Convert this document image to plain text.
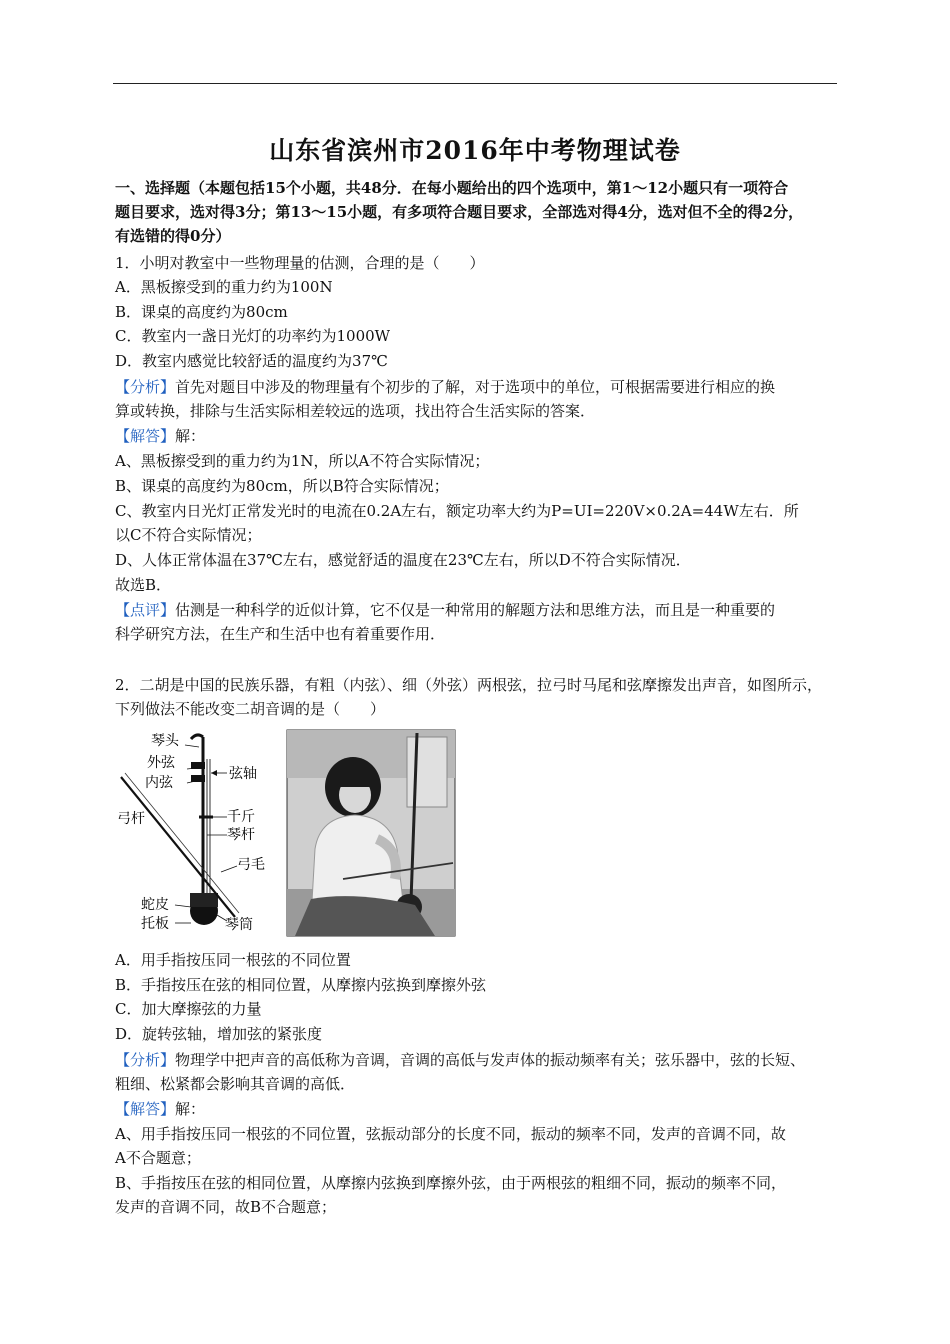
山东省滨州市2016年中考物理试卷
一、选择题（本题包括15个小题，共48分．在每小题给出的四个选项中，第1～12小题只有一项符合
题目要求，选对得3分；第13～15小题，有多项符合题目要求，全部选对得4分，选对但不全的得2分，
有选错的得0分）
1．小明对教室中一些物理量的估测，合理的是（　　）
A．黑板擦受到的重力约为100N
B．课桌的高度约为80cm
C．教室内一盏日光灯的功率约为1000W
D．教室内感觉比较舒适的温度约为37℃
【分析】首先对题目中涉及的物理量有个初步的了解，对于选项中的单位，可根据需要进行相应的换
算或转换，排除与生活实际相差较远的选项，找出符合生活实际的答案．
【解答】解：
A、黑板擦受到的重力约为1N，所以A不符合实际情况；
B、课桌的高度约为80cm，所以B符合实际情况；
C、教室内日光灯正常发光时的电流在0.2A左右，额定功率大约为P=UI=220V×0.2A=44W左右．所
以C不符合实际情况；
D、人体正常体温在37℃左右，感觉舒适的温度在23℃左右，所以D不符合实际情况．
故选B．
【点评】估测是一种科学的近似计算，它不仅是一种常用的解题方法和思维方法，而且是一种重要的
科学研究方法，在生产和生活中也有着重要作用．
2．二胡是中国的民族乐器，有粗（内弦）、细（外弦）两根弦，拉弓时马尾和弦摩擦发出声音，如图所示，
下列做法不能改变二胡音调的是（　　）
琴头
外弦
内弦
弦轴
弓杆	千斤
琴杆
弓毛
蛇皮
托板	琴筒
A．用手指按压同一根弦的不同位置
B．手指按压在弦的相同位置，从摩擦内弦换到摩擦外弦
C．加大摩擦弦的力量
D．旋转弦轴，增加弦的紧张度
【分析】物理学中把声音的高低称为音调，音调的高低与发声体的振动频率有关；弦乐器中，弦的长短、
粗细、松紧都会影响其音调的高低．
【解答】解：
A、用手指按压同一根弦的不同位置，弦振动部分的长度不同，振动的频率不同，发声的音调不同，故
A不合题意；
B、手指按压在弦的相同位置，从摩擦内弦换到摩擦外弦，由于两根弦的粗细不同，振动的频率不同，
发声的音调不同，故B不合题意；
